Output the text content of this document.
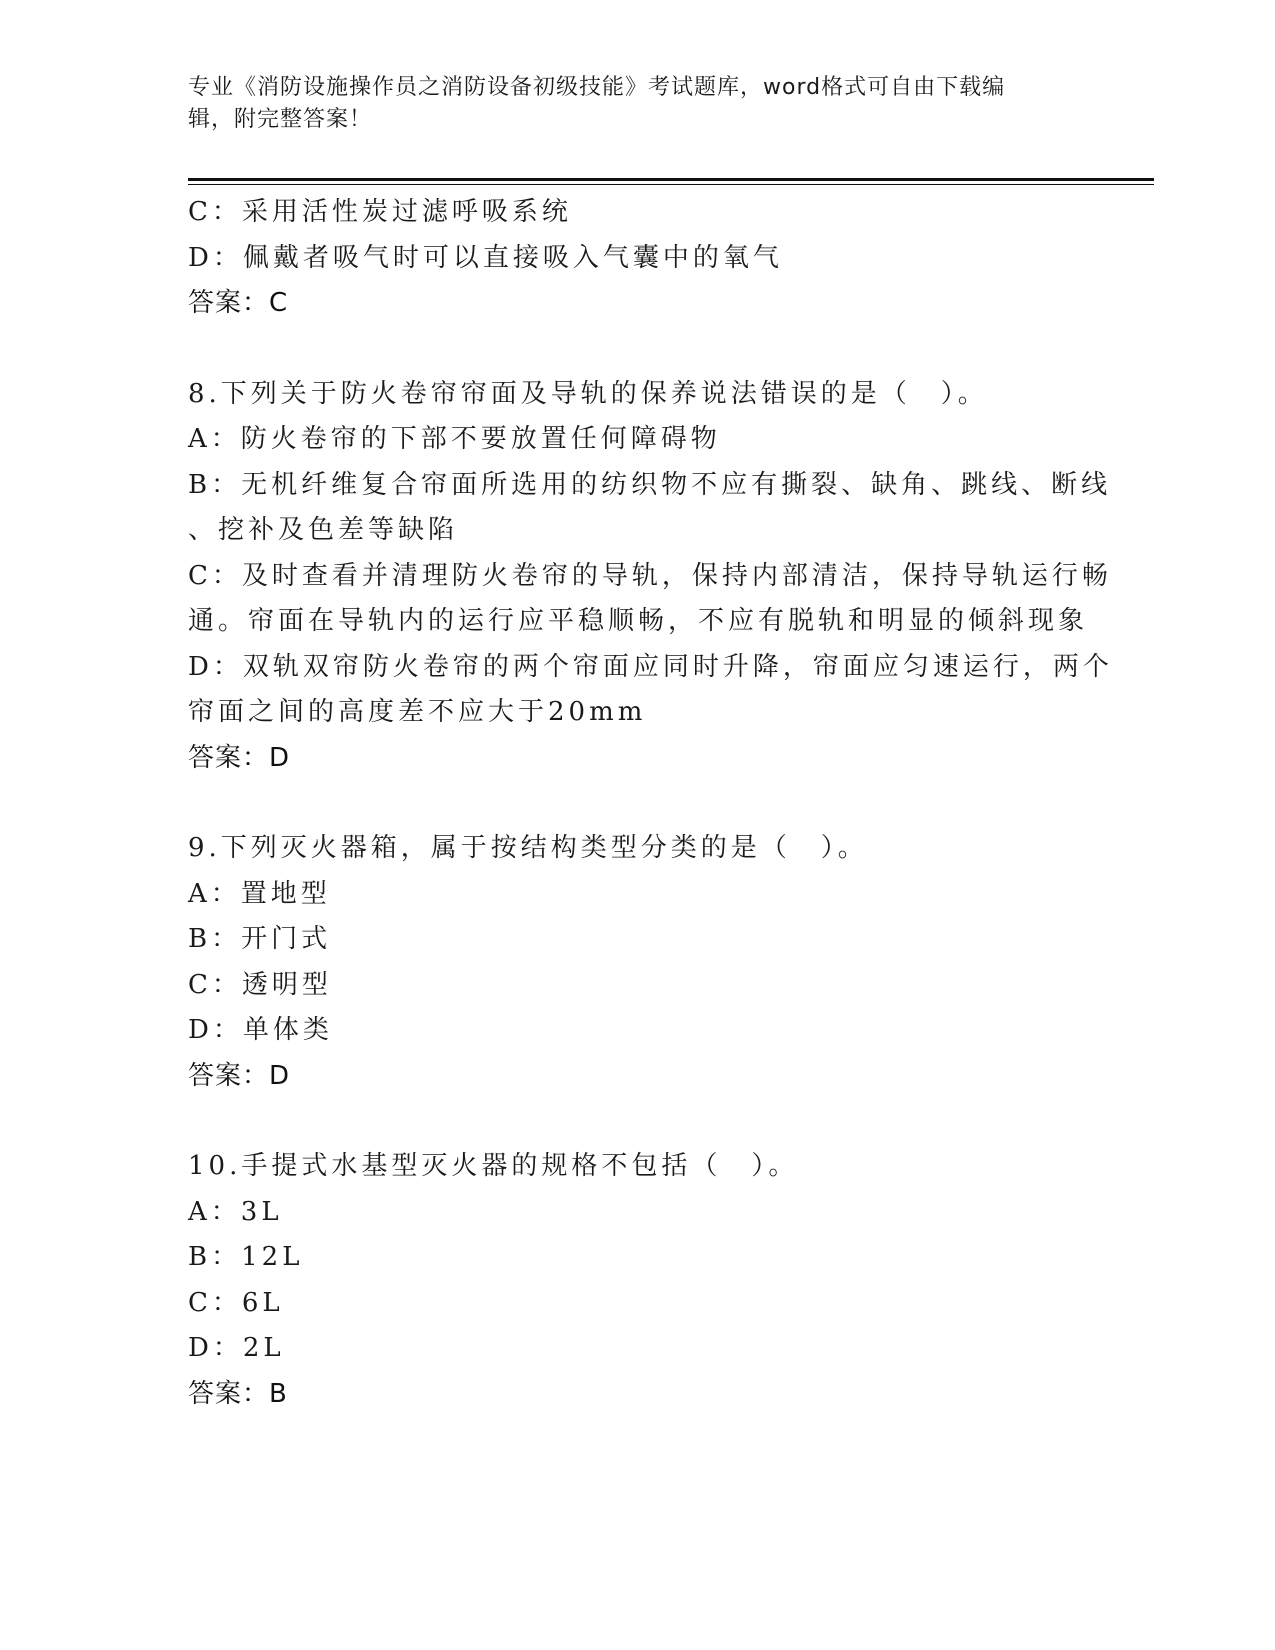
专业《消防设施操作员之消防设备初级技能》考试题库，word格式可自由下载编
辑，附完整答案！
C：采用活性炭过滤呼吸系统
D：佩戴者吸气时可以直接吸入气囊中的氧气
答案：C
8.下列关于防火卷帘帘面及导轨的保养说法错误的是（　）。
A：防火卷帘的下部不要放置任何障碍物
B：无机纤维复合帘面所选用的纺织物不应有撕裂、缺角、跳线、断线
、挖补及色差等缺陷
C：及时查看并清理防火卷帘的导轨，保持内部清洁，保持导轨运行畅
通。帘面在导轨内的运行应平稳顺畅，不应有脱轨和明显的倾斜现象
D：双轨双帘防火卷帘的两个帘面应同时升降，帘面应匀速运行，两个
帘面之间的高度差不应大于20mm
答案：D
9.下列灭火器箱，属于按结构类型分类的是（　）。
A：置地型
B：开门式
C：透明型
D：单体类
答案：D
10.手提式水基型灭火器的规格不包括（　）。
A：3L
B：12L
C：6L
D：2L
答案：B
